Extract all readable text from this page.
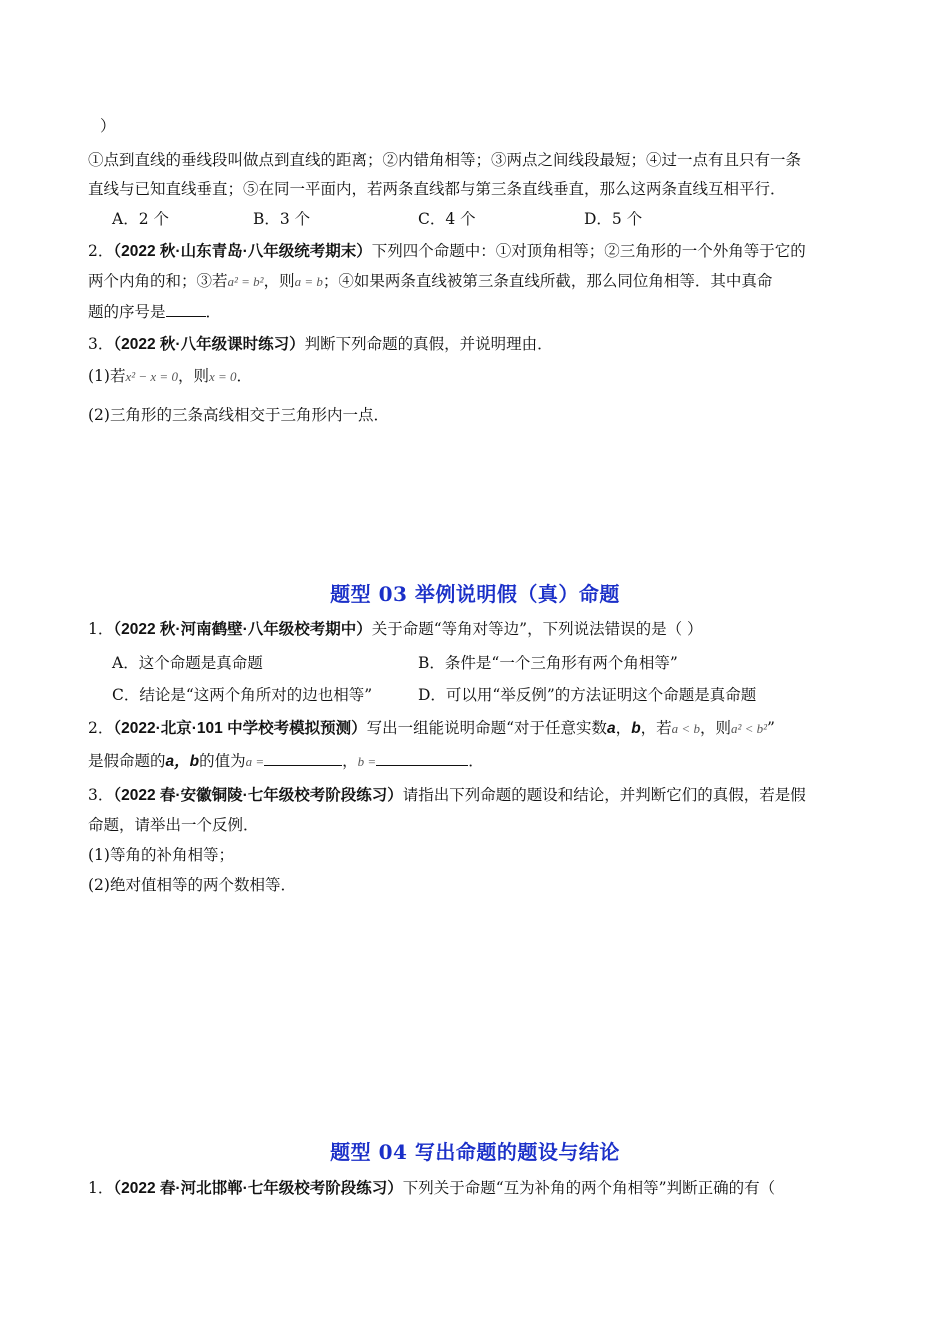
）
①点到直线的垂线段叫做点到直线的距离；②内错角相等；③两点之间线段最短；④过一点有且只有一条
直线与已知直线垂直；⑤在同一平面内，若两条直线都与第三条直线垂直，那么这两条直线互相平行．
A．2 个	B．3 个	C．4 个	D．5 个
2．（2022 秋·山东青岛·八年级统考期末）下列四个命题中：①对顶角相等；②三角形的一个外角等于它的
两个内角的和；③若a² = b²，则a = b；④如果两条直线被第三条直线所截，那么同位角相等．其中真命
题的序号是	．
3．（2022 秋·八年级课时练习）判断下列命题的真假，并说明理由．
(1)若x² − x = 0，则x = 0．
(2)三角形的三条高线相交于三角形内一点．
题型 03 举例说明假（真）命题
1．（2022 秋·河南鹤壁·八年级校考期中）关于命题“等角对等边”，下列说法错误的是（ ）
A．这个命题是真命题	B．条件是“一个三角形有两个角相等”
C．结论是“这两个角所对的边也相等”	D．可以用“举反例”的方法证明这个命题是真命题
2．（2022·北京·101 中学校考模拟预测）写出一组能说明命题“对于任意实数a，b，若a < b，则a² < b²”
是假命题的a，b的值为a =	，b =	．
3．（2022 春·安徽铜陵·七年级校考阶段练习）请指出下列命题的题设和结论，并判断它们的真假，若是假
命题，请举出一个反例．
(1)等角的补角相等；
(2)绝对值相等的两个数相等．
题型 04 写出命题的题设与结论
1．（2022 春·河北邯郸·七年级校考阶段练习）下列关于命题“互为补角的两个角相等”判断正确的有（
